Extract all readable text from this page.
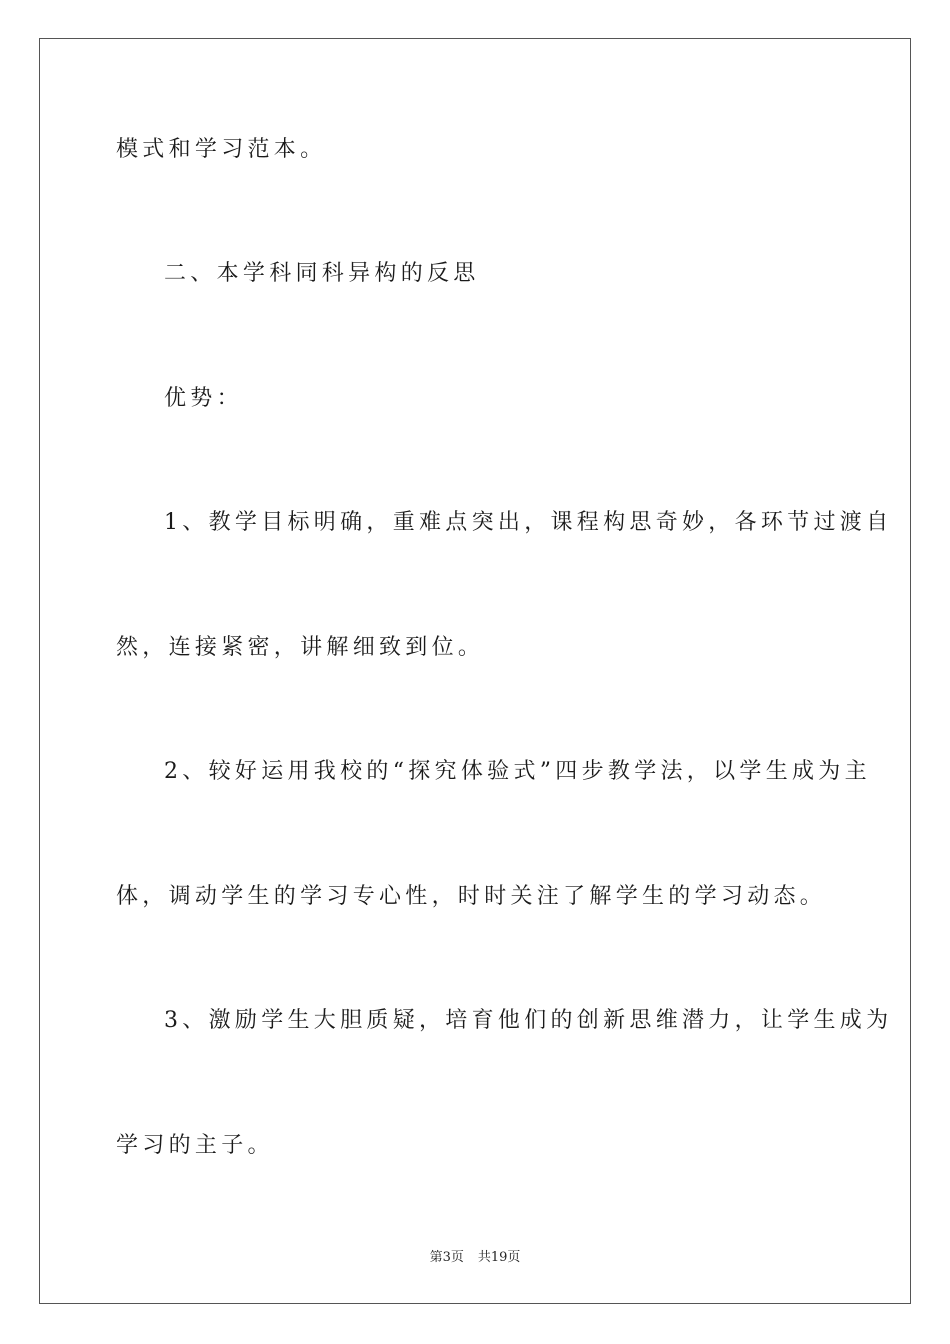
模式和学习范本。
二、本学科同科异构的反思
优势：
1、教学目标明确，重难点突出，课程构思奇妙，各环节过渡自
然，连接紧密，讲解细致到位。
2、较好运用我校的“探究体验式”四步教学法，以学生成为主
体，调动学生的学习专心性，时时关注了解学生的学习动态。
3、激励学生大胆质疑，培育他们的创新思维潜力，让学生成为
学习的主子。
第3页 共19页
